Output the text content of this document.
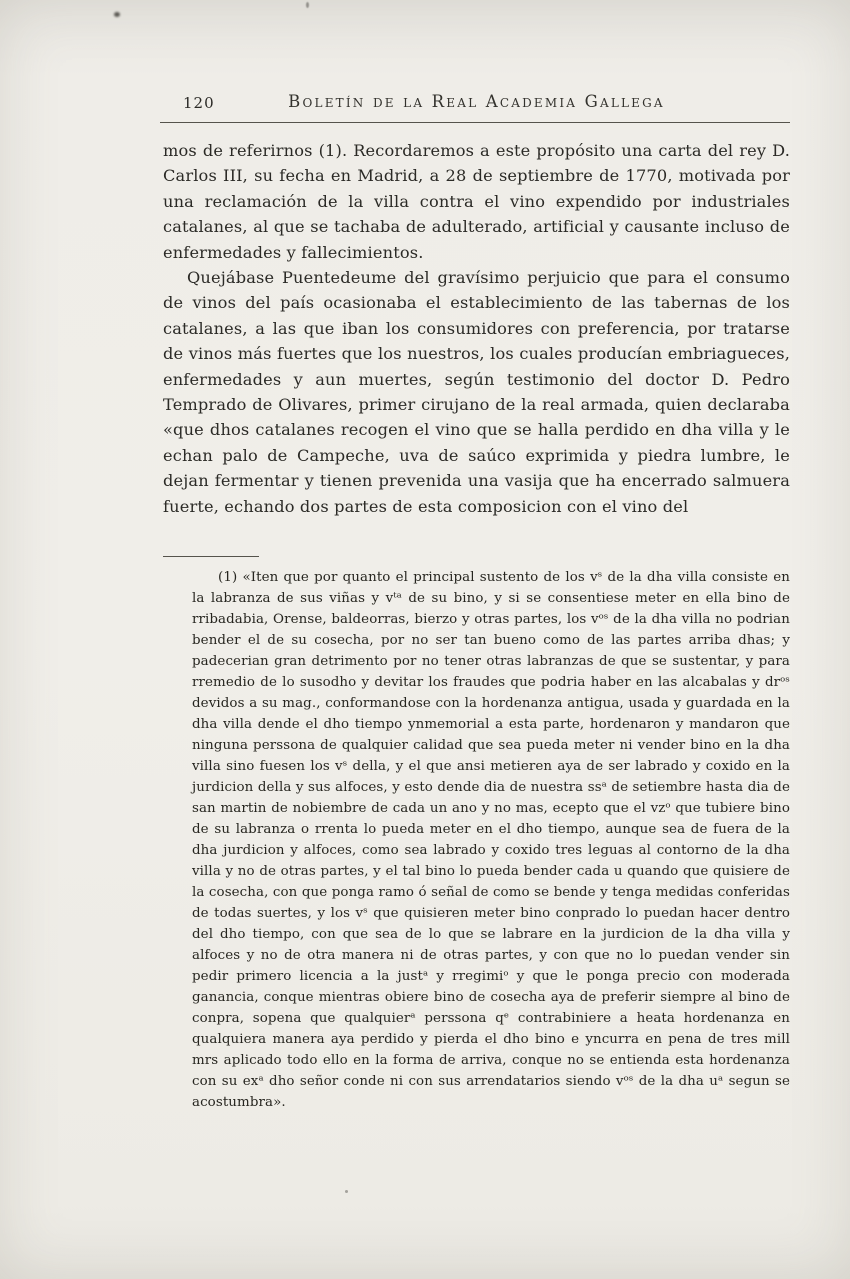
120	Boletín de la Real Academia Gallega

mos de referirnos (1). Recordaremos a este propósito una carta del rey D. Carlos III, su fecha en Madrid, a 28 de septiembre de 1770, motivada por una reclamación de la villa contra el vino expendido por industriales catalanes, al que se tachaba de adulterado, artificial y causante incluso de enfermedades y fallecimientos.

Quejábase Puentedeume del gravísimo perjuicio que para el consumo de vinos del país ocasionaba el establecimiento de las tabernas de los catalanes, a las que iban los consumidores con preferencia, por tratarse de vinos más fuertes que los nuestros, los cuales producían embriagueces, enfermedades y aun muertes, según testimonio del doctor D. Pedro Temprado de Olivares, primer cirujano de la real armada, quien declaraba «que dhos catalanes recogen el vino que se halla perdido en dha villa y le echan palo de Campeche, uva de saúco exprimida y piedra lumbre, le dejan fermentar y tienen prevenida una vasija que ha encerrado salmuera fuerte, echando dos partes de esta composicion con el vino del

(1) «Iten que por quanto el principal sustento de los vˢ de la dha villa consiste en la labranza de sus viñas y vᵗᵃ de su bino, y si se consentiese meter en ella bino de rribadabia, Orense, baldeorras, bierzo y otras partes, los vᵒˢ de la dha villa no podrian bender el de su cosecha, por no ser tan bueno como de las partes arriba dhas; y padecerian gran detrimento por no tener otras labranzas de que se sustentar, y para rremedio de lo susodho y devitar los fraudes que podria haber en las alcabalas y drᵒˢ devidos a su mag., conformandose con la hordenanza antigua, usada y guardada en la dha villa dende el dho tiempo ynmemorial a esta parte, hordenaron y mandaron que ninguna perssona de qualquier calidad que sea pueda meter ni vender bino en la dha villa sino fuesen los vˢ della, y el que ansi metieren aya de ser labrado y coxido en la jurdicion della y sus alfoces, y esto dende dia de nuestra ssᵃ de setiembre hasta dia de san martin de nobiembre de cada un ano y no mas, ecepto que el vzᵒ que tubiere bino de su labranza o rrenta lo pueda meter en el dho tiempo, aunque sea de fuera de la dha jurdicion y alfoces, como sea labrado y coxido tres leguas al contorno de la dha villa y no de otras partes, y el tal bino lo pueda bender cada u quando que quisiere de la cosecha, con que ponga ramo ó señal de como se bende y tenga medidas conferidas de todas suertes, y los vˢ que quisieren meter bino conprado lo puedan hacer dentro del dho tiempo, con que sea de lo que se labrare en la jurdicion de la dha villa y alfoces y no de otra manera ni de otras partes, y con que no lo puedan vender sin pedir primero licencia a la justᵃ y rregimiᵒ y que le ponga precio con moderada ganancia, conque mientras obiere bino de cosecha aya de preferir siempre al bino de conpra, sopena que qualquierᵃ perssona qᵉ contrabiniere a heata hordenanza en qualquiera manera aya perdido y pierda el dho bino e yncurra en pena de tres mill mrs aplicado todo ello en la forma de arriva, conque no se entienda esta hordenanza con su exᵃ dho señor conde ni con sus arrendatarios siendo vᵒˢ de la dha uᵃ segun se acostumbra».
